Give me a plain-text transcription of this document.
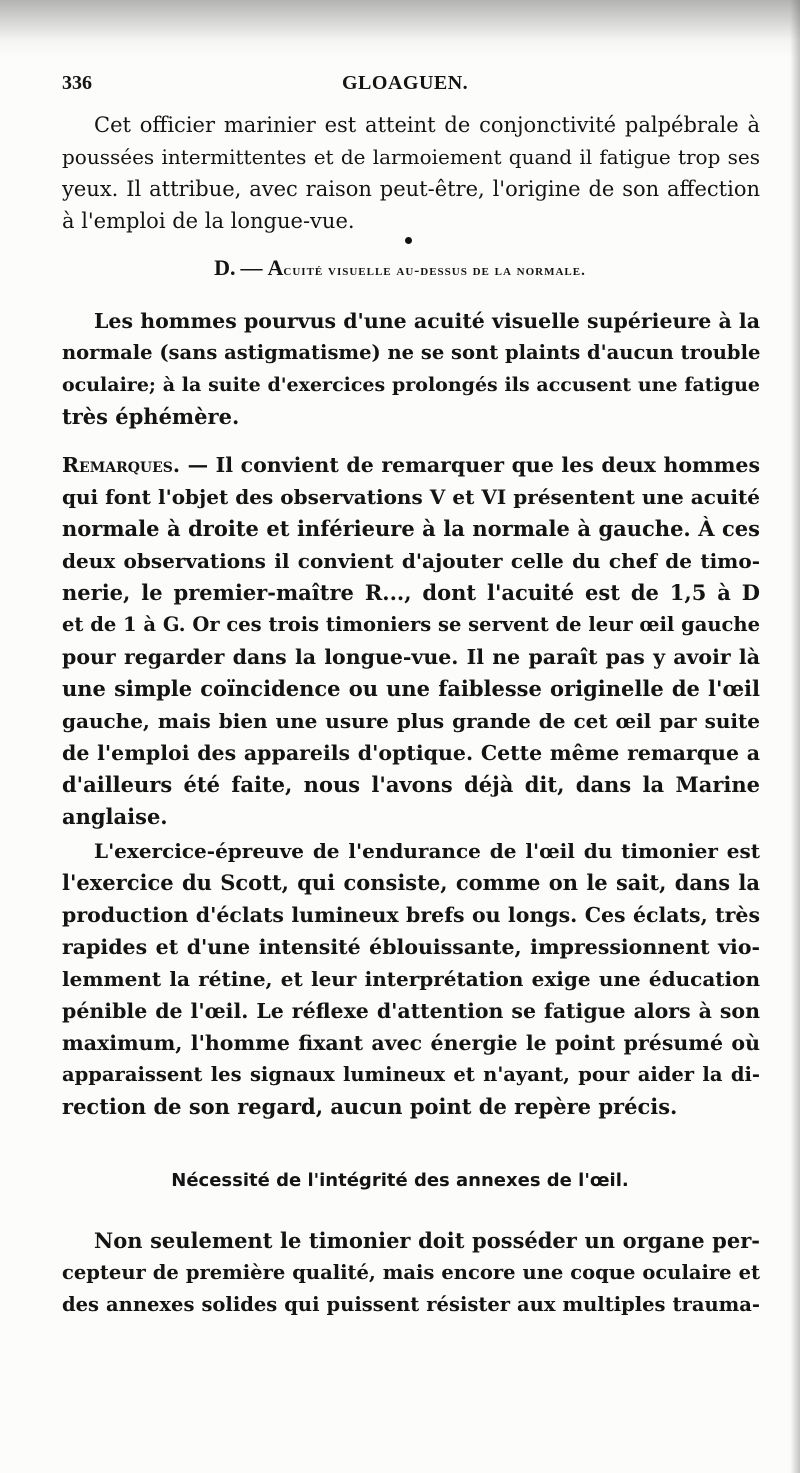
336	GLOAGUEN.
Cet officier marinier est atteint de conjonctivité palpébrale à
poussées intermittentes et de larmoiement quand il fatigue trop ses
yeux. Il attribue, avec raison peut-être, l'origine de son affection
à l'emploi de la longue-vue.
D. — Acuité visuelle au-dessus de la normale.
Les hommes pourvus d'une acuité visuelle supérieure à la
normale (sans astigmatisme) ne se sont plaints d'aucun trouble
oculaire; à la suite d'exercices prolongés ils accusent une fatigue
très éphémère.
Remarques. — Il convient de remarquer que les deux hommes
qui font l'objet des observations V et VI présentent une acuité
normale à droite et inférieure à la normale à gauche. À ces
deux observations il convient d'ajouter celle du chef de timo-
nerie, le premier-maître R..., dont l'acuité est de 1,5 à D
et de 1 à G. Or ces trois timoniers se servent de leur œil gauche
pour regarder dans la longue-vue. Il ne paraît pas y avoir là
une simple coïncidence ou une faiblesse originelle de l'œil
gauche, mais bien une usure plus grande de cet œil par suite
de l'emploi des appareils d'optique. Cette même remarque a
d'ailleurs été faite, nous l'avons déjà dit, dans la Marine
anglaise.
L'exercice-épreuve de l'endurance de l'œil du timonier est
l'exercice du Scott, qui consiste, comme on le sait, dans la
production d'éclats lumineux brefs ou longs. Ces éclats, très
rapides et d'une intensité éblouissante, impressionnent vio-
lemment la rétine, et leur interprétation exige une éducation
pénible de l'œil. Le réflexe d'attention se fatigue alors à son
maximum, l'homme fixant avec énergie le point présumé où
apparaissent les signaux lumineux et n'ayant, pour aider la di-
rection de son regard, aucun point de repère précis.
Nécessité de l'intégrité des annexes de l'œil.
Non seulement le timonier doit posséder un organe per-
cepteur de première qualité, mais encore une coque oculaire et
des annexes solides qui puissent résister aux multiples trauma-
